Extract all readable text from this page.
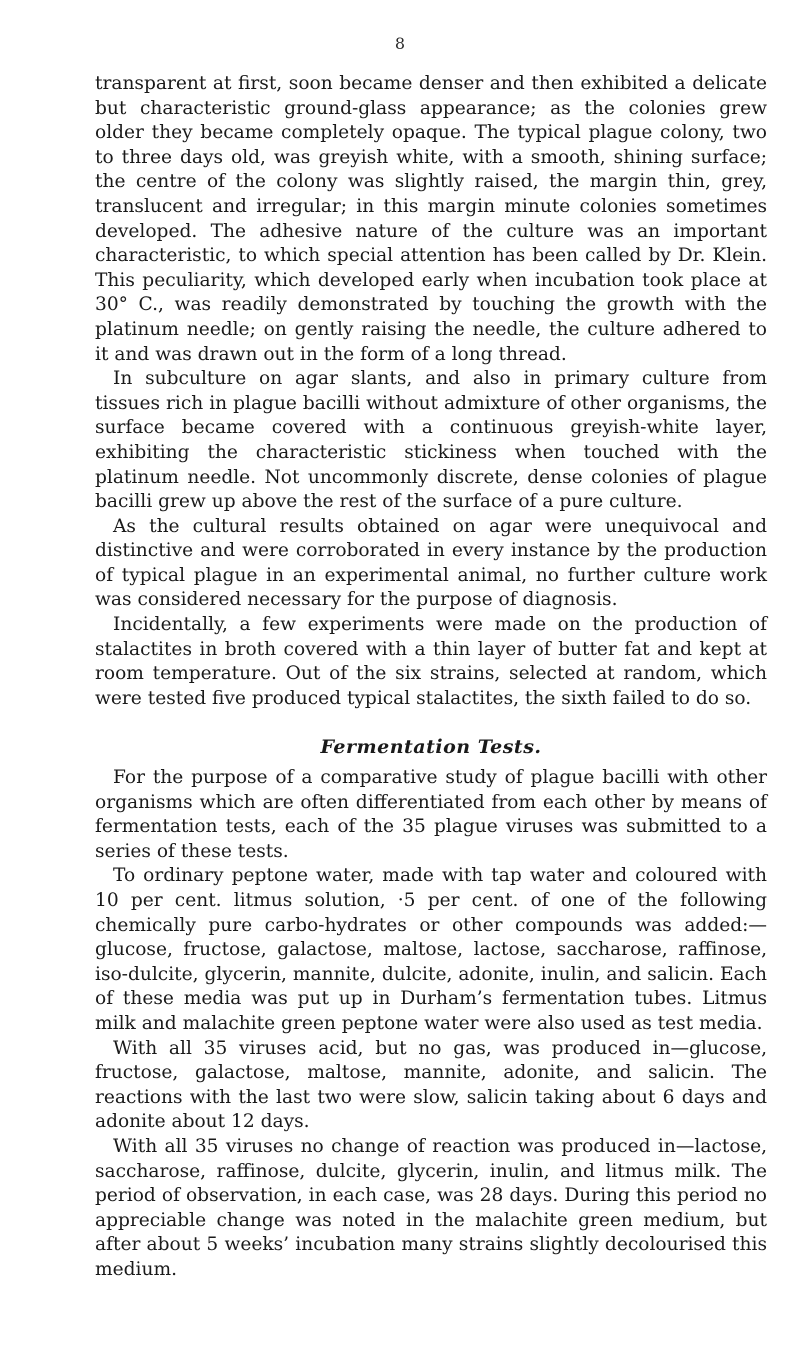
8

transparent at first, soon became denser and then exhibited a delicate but characteristic ground-glass appearance; as the colonies grew older they became completely opaque. The typical plague colony, two to three days old, was greyish white, with a smooth, shining surface; the centre of the colony was slightly raised, the margin thin, grey, translucent and irregular; in this margin minute colonies sometimes developed. The adhesive nature of the culture was an important characteristic, to which special attention has been called by Dr. Klein. This peculiarity, which developed early when incubation took place at 30° C., was readily demonstrated by touching the growth with the platinum needle; on gently raising the needle, the culture adhered to it and was drawn out in the form of a long thread.

In subculture on agar slants, and also in primary culture from tissues rich in plague bacilli without admixture of other organisms, the surface became covered with a continuous greyish-white layer, exhibiting the characteristic stickiness when touched with the platinum needle. Not uncommonly discrete, dense colonies of plague bacilli grew up above the rest of the surface of a pure culture.

As the cultural results obtained on agar were unequivocal and distinctive and were corroborated in every instance by the production of typical plague in an experimental animal, no further culture work was considered necessary for the purpose of diagnosis.

Incidentally, a few experiments were made on the production of stalactites in broth covered with a thin layer of butter fat and kept at room temperature. Out of the six strains, selected at random, which were tested five produced typical stalactites, the sixth failed to do so.

Fermentation Tests.

For the purpose of a comparative study of plague bacilli with other organisms which are often differentiated from each other by means of fermentation tests, each of the 35 plague viruses was submitted to a series of these tests.

To ordinary peptone water, made with tap water and coloured with 10 per cent. litmus solution, ·5 per cent. of one of the following chemically pure carbo-hydrates or other compounds was added:—glucose, fructose, galactose, maltose, lactose, saccharose, raffinose, iso-dulcite, glycerin, mannite, dulcite, adonite, inulin, and salicin. Each of these media was put up in Durham’s fermentation tubes. Litmus milk and malachite green peptone water were also used as test media.

With all 35 viruses acid, but no gas, was produced in—glucose, fructose, galactose, maltose, mannite, adonite, and salicin. The reactions with the last two were slow, salicin taking about 6 days and adonite about 12 days.

With all 35 viruses no change of reaction was produced in—lactose, saccharose, raffinose, dulcite, glycerin, inulin, and litmus milk. The period of observation, in each case, was 28 days. During this period no appreciable change was noted in the malachite green medium, but after about 5 weeks’ incubation many strains slightly decolourised this medium.
